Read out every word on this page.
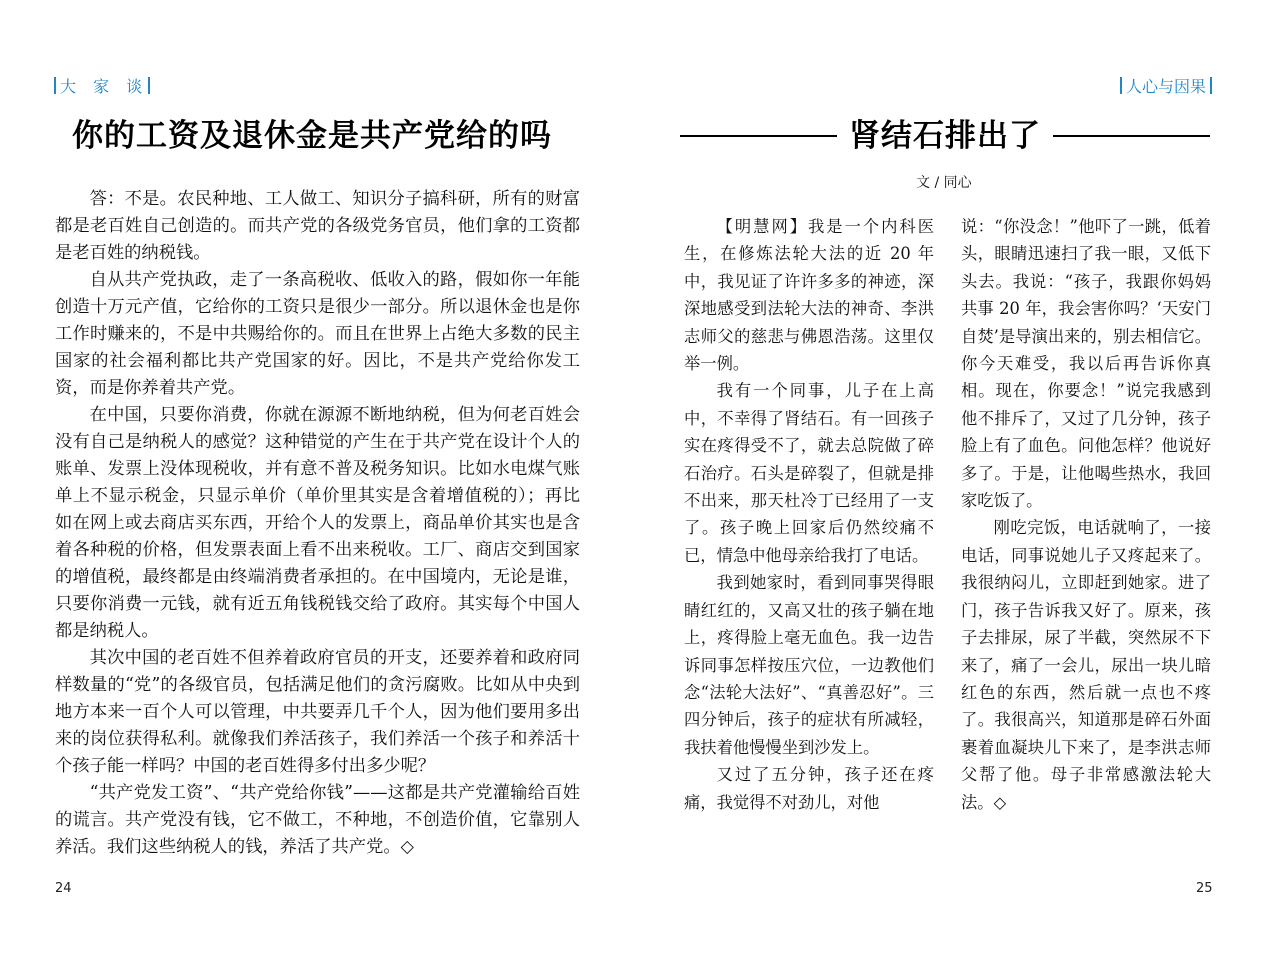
大 家 谈
你的工资及退休金是共产党给的吗

答：不是。农民种地、工人做工、知识分子搞科研，所有的财富都是老百姓自己创造的。而共产党的各级党务官员，他们拿的工资都是老百姓的纳税钱。

自从共产党执政，走了一条高税收、低收入的路，假如你一年能创造十万元产值，它给你的工资只是很少一部分。所以退休金也是你工作时赚来的，不是中共赐给你的。而且在世界上占绝大多数的民主国家的社会福利都比共产党国家的好。因比，不是共产党给你发工资，而是你养着共产党。

在中国，只要你消费，你就在源源不断地纳税，但为何老百姓会没有自己是纳税人的感觉？这种错觉的产生在于共产党在设计个人的账单、发票上没体现税收，并有意不普及税务知识。比如水电煤气账单上不显示税金，只显示单价（单价里其实是含着增值税的）；再比如在网上或去商店买东西，开给个人的发票上，商品单价其实也是含着各种税的价格，但发票表面上看不出来税收。工厂、商店交到国家的增值税，最终都是由终端消费者承担的。在中国境内，无论是谁，只要你消费一元钱，就有近五角钱税钱交给了政府。其实每个中国人都是纳税人。

其次中国的老百姓不但养着政府官员的开支，还要养着和政府同样数量的“党”的各级官员，包括满足他们的贪污腐败。比如从中央到地方本来一百个人可以管理，中共要弄几千个人，因为他们要用多出来的岗位获得私利。就像我们养活孩子，我们养活一个孩子和养活十个孩子能一样吗？中国的老百姓得多付出多少呢？

“共产党发工资”、“共产党给你钱”——这都是共产党灌输给百姓的谎言。共产党没有钱，它不做工，不种地，不创造价值，它靠别人养活。我们这些纳税人的钱，养活了共产党。◇

24
人心与因果
肾结石排出了
文 / 同心

【明慧网】我是一个内科医生，在修炼法轮大法的近 20 年中，我见证了许许多多的神迹，深深地感受到法轮大法的神奇、李洪志师父的慈悲与佛恩浩荡。这里仅举一例。

我有一个同事，儿子在上高中，不幸得了肾结石。有一回孩子实在疼得受不了，就去总院做了碎石治疗。石头是碎裂了，但就是排不出来，那天杜冷丁已经用了一支了。孩子晚上回家后仍然绞痛不已，情急中他母亲给我打了电话。

我到她家时，看到同事哭得眼睛红红的，又高又壮的孩子躺在地上，疼得脸上毫无血色。我一边告诉同事怎样按压穴位，一边教他们念“法轮大法好”、“真善忍好”。三四分钟后，孩子的症状有所减轻，我扶着他慢慢坐到沙发上。

又过了五分钟，孩子还在疼痛，我觉得不对劲儿，对他

说：“你没念！”他吓了一跳，低着头，眼睛迅速扫了我一眼，又低下头去。我说：“孩子，我跟你妈妈共事 20 年，我会害你吗？‘天安门自焚’是导演出来的，别去相信它。你今天难受，我以后再告诉你真相。现在，你要念！”说完我感到他不排斥了，又过了几分钟，孩子脸上有了血色。问他怎样？他说好多了。于是，让他喝些热水，我回家吃饭了。

刚吃完饭，电话就响了，一接电话，同事说她儿子又疼起来了。我很纳闷儿，立即赶到她家。进了门，孩子告诉我又好了。原来，孩子去排尿，尿了半截，突然尿不下来了，痛了一会儿，尿出一块儿暗红色的东西，然后就一点也不疼了。我很高兴，知道那是碎石外面裹着血凝块儿下来了，是李洪志师父帮了他。母子非常感激法轮大法。◇

25
